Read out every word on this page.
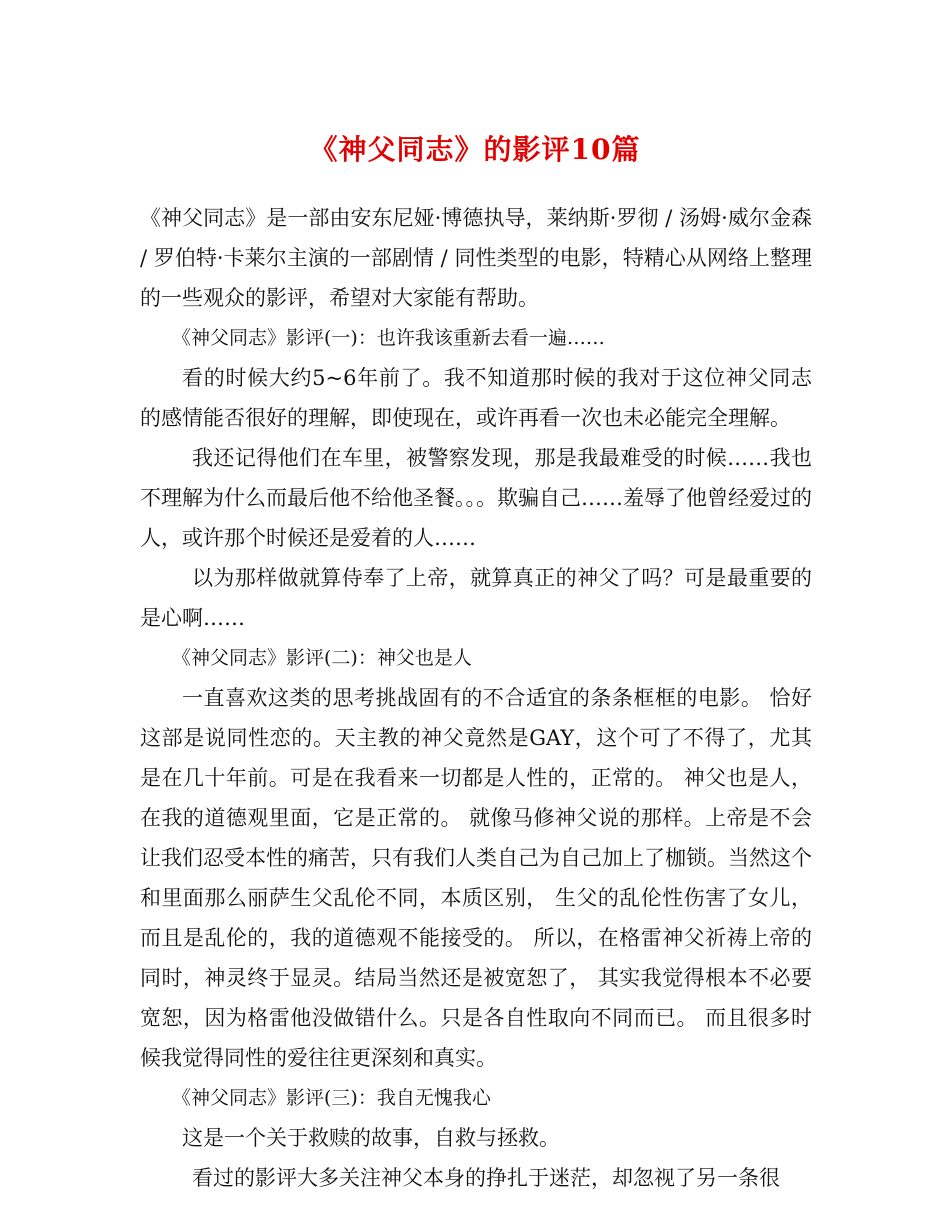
《神父同志》的影评10篇

《神父同志》是一部由安东尼娅·博德执导，莱纳斯·罗彻 / 汤姆·威尔金森 / 罗伯特·卡莱尔主演的一部剧情 / 同性类型的电影，特精心从网络上整理的一些观众的影评，希望对大家能有帮助。

《神父同志》影评(一)：也许我该重新去看一遍……

看的时候大约5~6年前了。我不知道那时候的我对于这位神父同志的感情能否很好的理解，即使现在，或许再看一次也未必能完全理解。

我还记得他们在车里，被警察发现，那是我最难受的时候……我也不理解为什么而最后他不给他圣餐。。。欺骗自己……羞辱了他曾经爱过的人，或许那个时候还是爱着的人……

以为那样做就算侍奉了上帝，就算真正的神父了吗？可是最重要的是心啊……

《神父同志》影评(二)：神父也是人

一直喜欢这类的思考挑战固有的不合适宜的条条框框的电影。 恰好这部是说同性恋的。天主教的神父竟然是GAY，这个可了不得了，尤其是在几十年前。可是在我看来一切都是人性的，正常的。 神父也是人，在我的道德观里面，它是正常的。 就像马修神父说的那样。上帝是不会让我们忍受本性的痛苦，只有我们人类自己为自己加上了枷锁。当然这个和里面那么丽萨生父乱伦不同，本质区别， 生父的乱伦性伤害了女儿，而且是乱伦的，我的道德观不能接受的。 所以，在格雷神父祈祷上帝的同时，神灵终于显灵。结局当然还是被宽恕了， 其实我觉得根本不必要宽恕，因为格雷他没做错什么。只是各自性取向不同而已。 而且很多时候我觉得同性的爱往往更深刻和真实。

《神父同志》影评(三)：我自无愧我心

这是一个关于救赎的故事，自救与拯救。

看过的影评大多关注神父本身的挣扎于迷茫，却忽视了另一条很
